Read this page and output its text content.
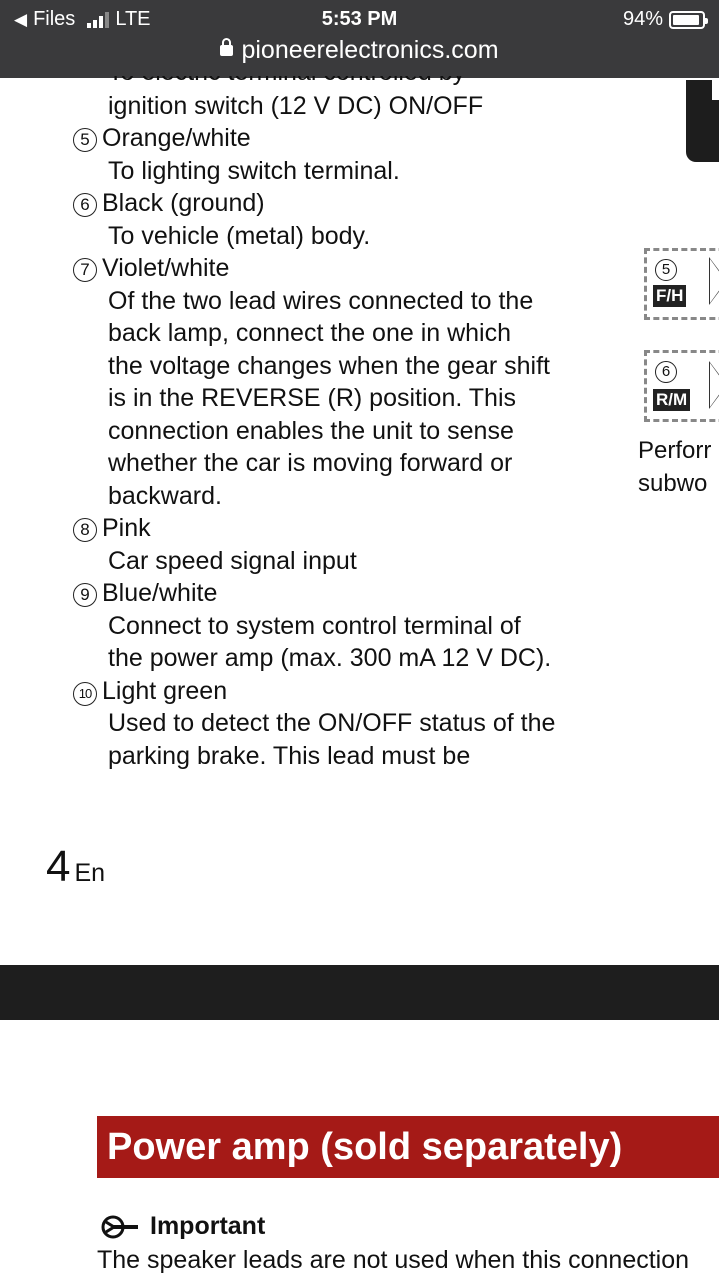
◀ Files LTE	5:53 PM	94%
pioneerelectronics.com
ignition switch (12 V DC) ON/OFF
5 Orange/white
To lighting switch terminal.
6 Black (ground)
To vehicle (metal) body.
7 Violet/white
Of the two lead wires connected to the
back lamp, connect the one in which
the voltage changes when the gear shift
is in the REVERSE (R) position. This
connection enables the unit to sense
whether the car is moving forward or
backward.
8 Pink
Car speed signal input
9 Blue/white
Connect to system control terminal of
the power amp (max. 300 mA 12 V DC).
10 Light green
Used to detect the ON/OFF status of the
parking brake. This lead must be
5
F/H
6
R/M
Perforr
subwo
4 En
Power amp (sold separately)
Important
The speaker leads are not used when this connection
